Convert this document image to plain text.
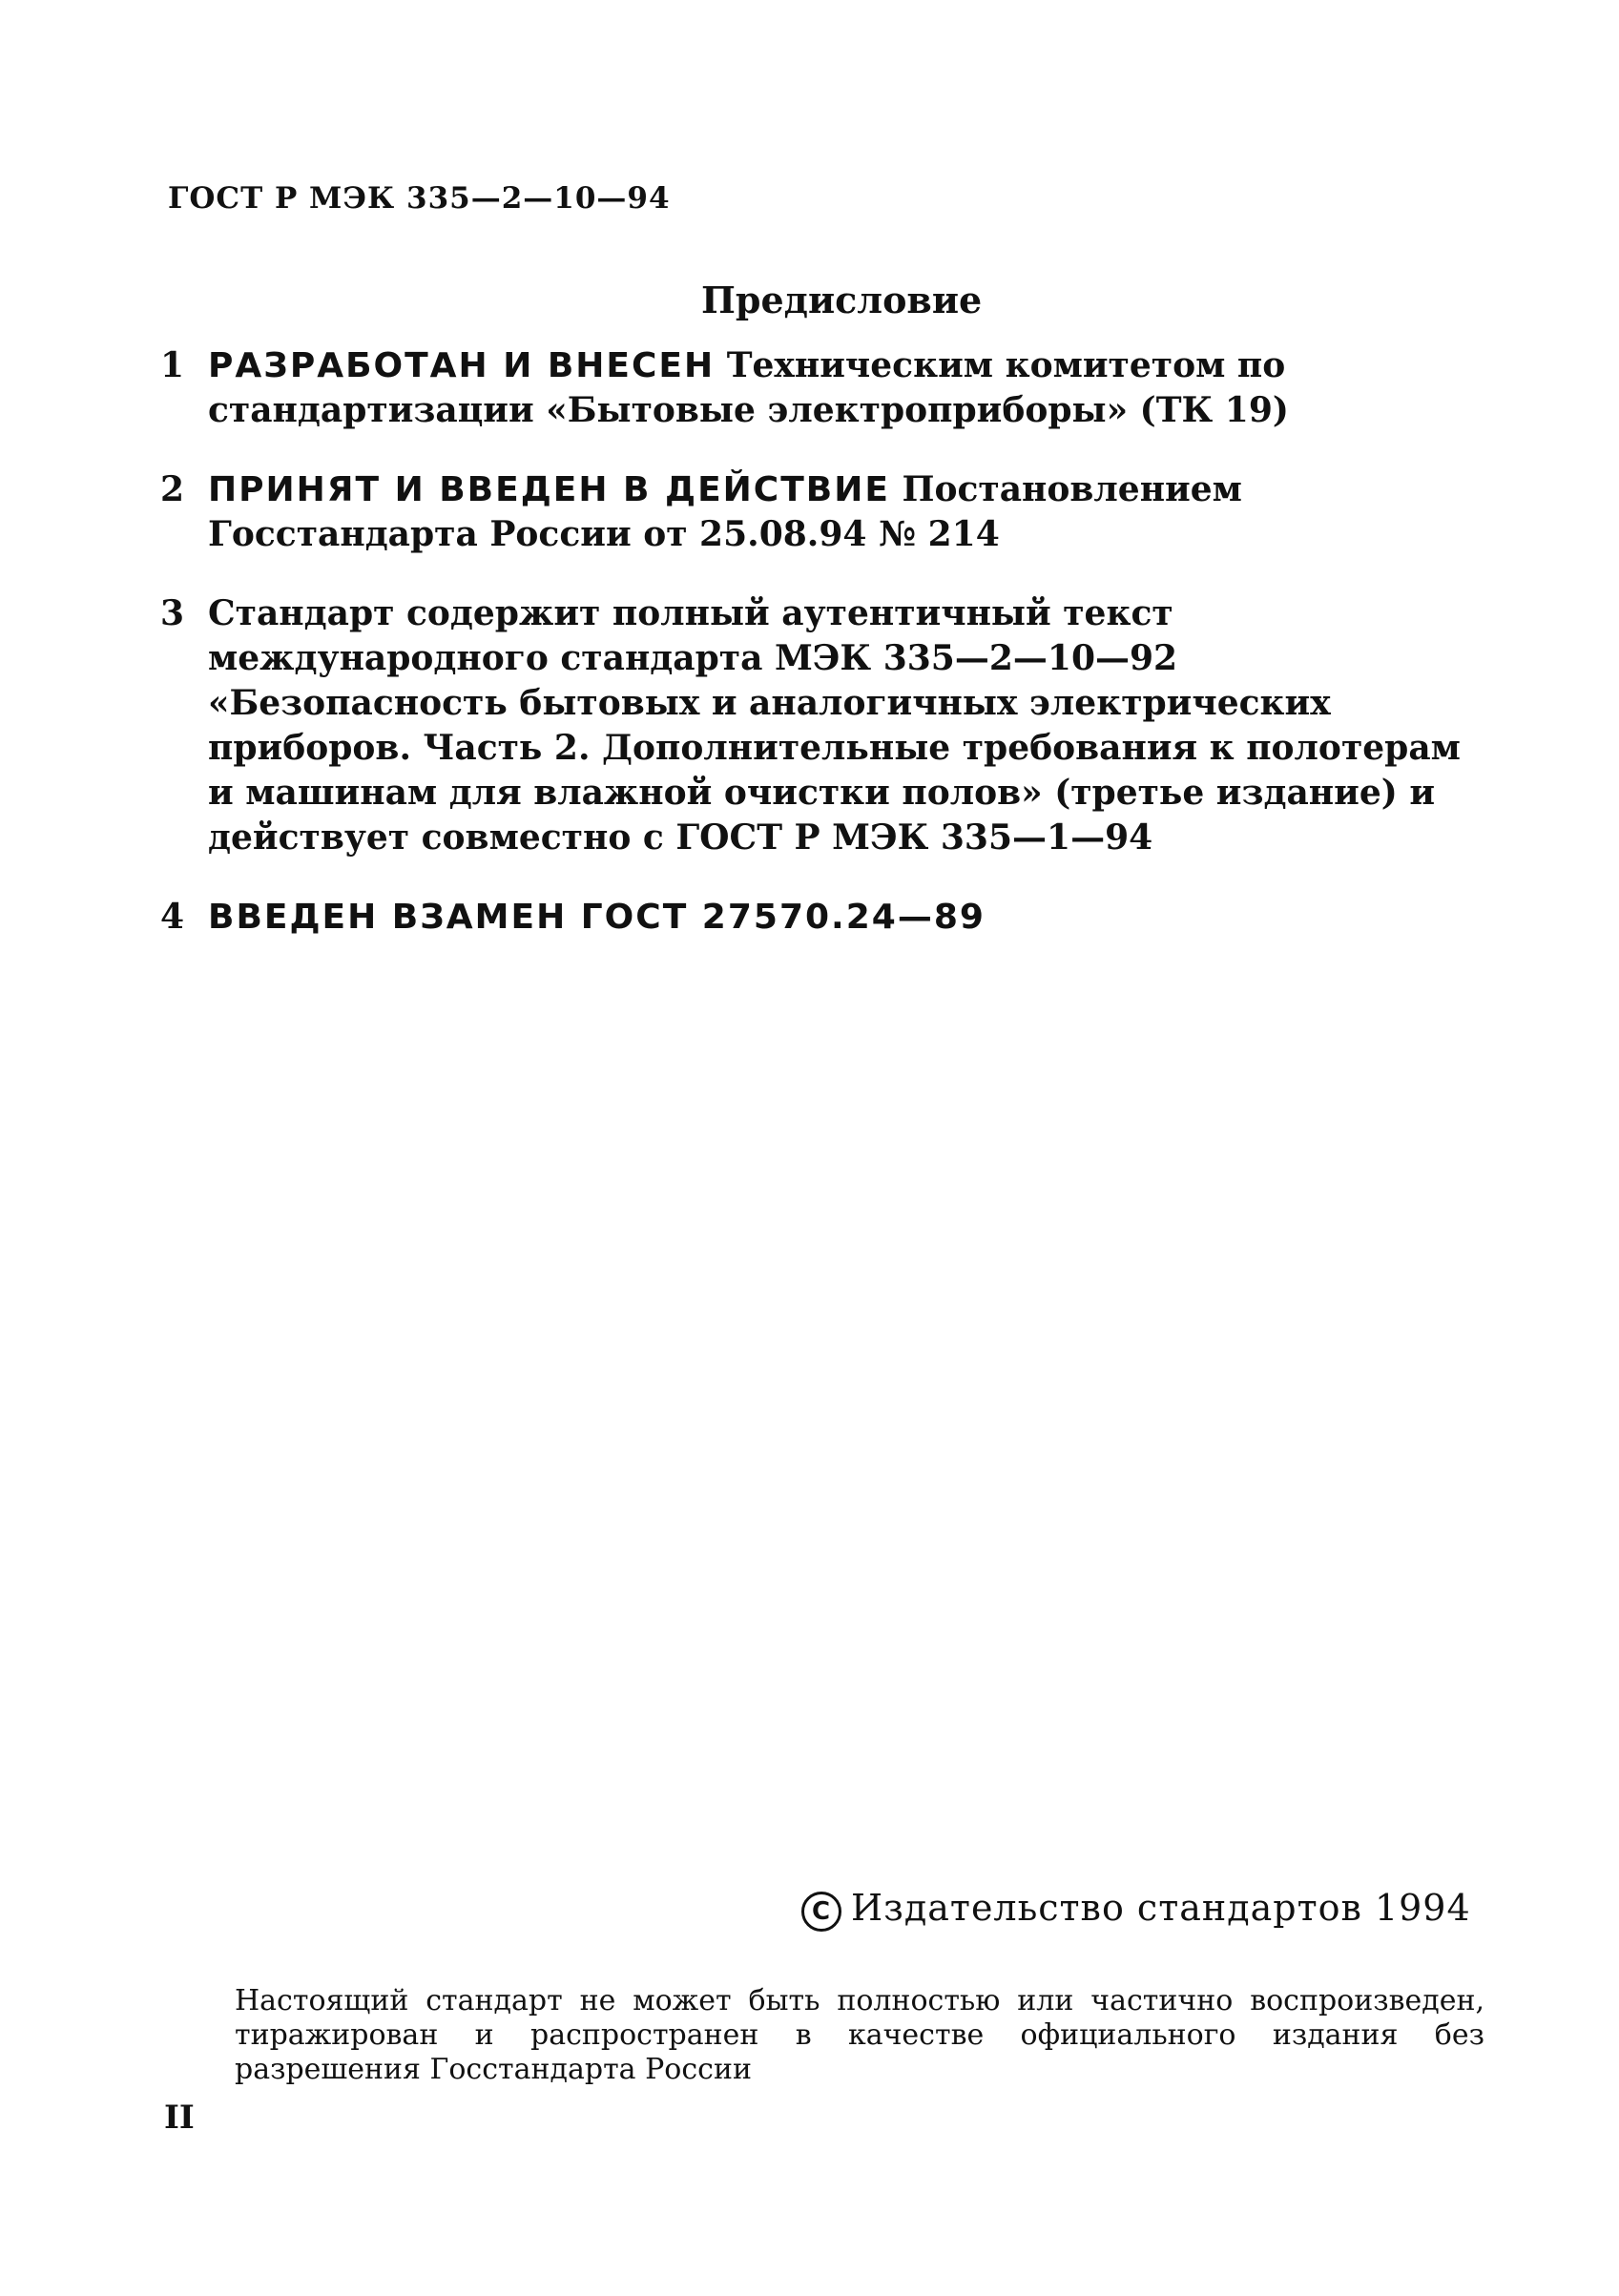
ГОСТ Р МЭК 335—2—10—94
Предисловие
1 РАЗРАБОТАН И ВНЕСЕН Техническим комитетом по стандартизации «Бытовые электроприборы» (ТК 19)
2 ПРИНЯТ И ВВЕДЕН В ДЕЙСТВИЕ Постановлением Госстандарта России от 25.08.94 № 214
3 Стандарт содержит полный аутентичный текст международного стандарта МЭК 335—2—10—92 «Безопасность бытовых и аналогичных электрических приборов. Часть 2. Дополнительные требования к полотерам и машинам для влажной очистки полов» (третье издание) и действует совместно с ГОСТ Р МЭК 335—1—94
4 ВВЕДЕН ВЗАМЕН ГОСТ 27570.24—89
C Издательство стандартов 1994
Настоящий стандарт не может быть полностью или частично воспроизведен, тиражирован и распространен в качестве официального издания без разрешения Госстандарта России
II
